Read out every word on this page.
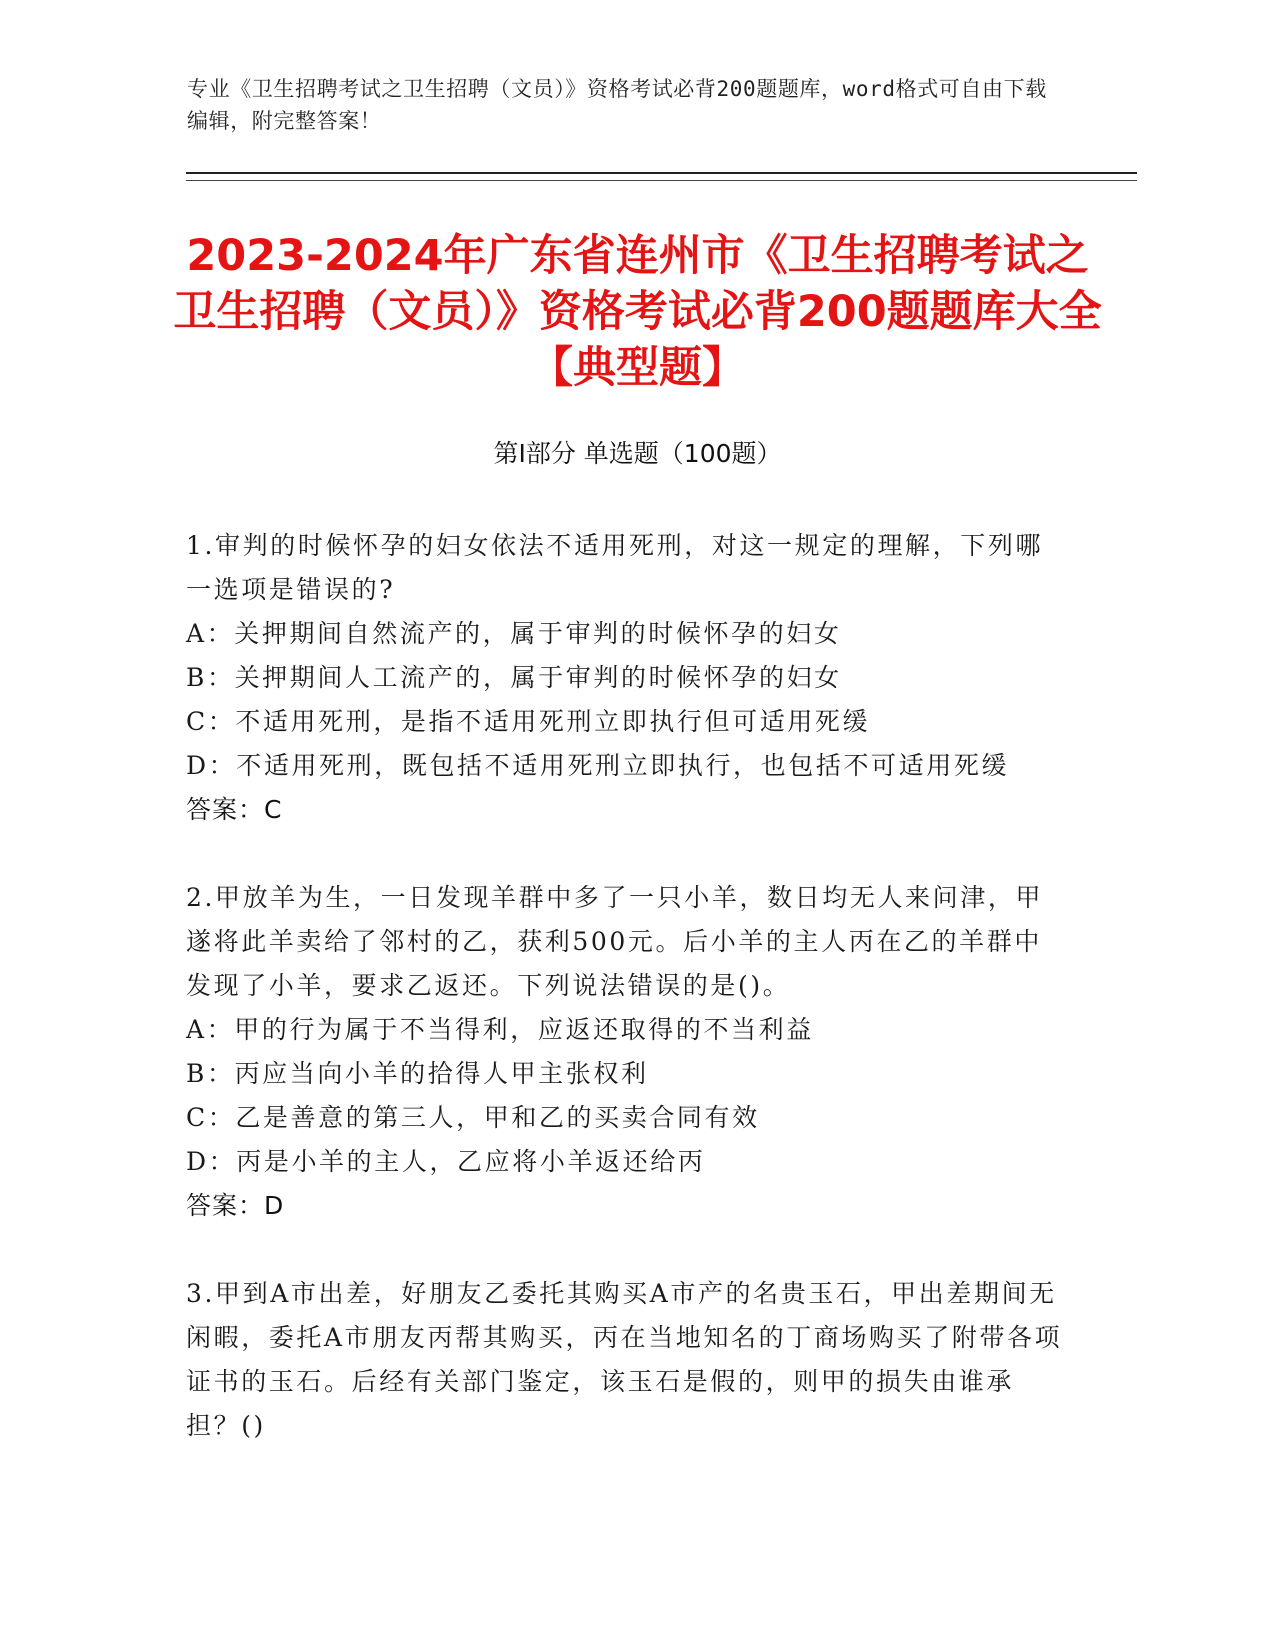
专业《卫生招聘考试之卫生招聘（文员）》资格考试必背200题题库，word格式可自由下载编辑，附完整答案！
2023-2024年广东省连州市《卫生招聘考试之卫生招聘（文员）》资格考试必背200题题库大全【典型题】
第Ⅰ部分 单选题（100题）

1.审判的时候怀孕的妇女依法不适用死刑，对这一规定的理解，下列哪一选项是错误的?

A：关押期间自然流产的，属于审判的时候怀孕的妇女

B：关押期间人工流产的，属于审判的时候怀孕的妇女

C：不适用死刑，是指不适用死刑立即执行但可适用死缓

D：不适用死刑，既包括不适用死刑立即执行，也包括不可适用死缓

答案：C

2.甲放羊为生，一日发现羊群中多了一只小羊，数日均无人来问津，甲遂将此羊卖给了邻村的乙，获利500元。后小羊的主人丙在乙的羊群中发现了小羊，要求乙返还。下列说法错误的是()。

A：甲的行为属于不当得利，应返还取得的不当利益

B：丙应当向小羊的拾得人甲主张权利

C：乙是善意的第三人，甲和乙的买卖合同有效

D：丙是小羊的主人，乙应将小羊返还给丙

答案：D

3.甲到A市出差，好朋友乙委托其购买A市产的名贵玉石，甲出差期间无闲暇，委托A市朋友丙帮其购买，丙在当地知名的丁商场购买了附带各项证书的玉石。后经有关部门鉴定，该玉石是假的，则甲的损失由谁承担？()
